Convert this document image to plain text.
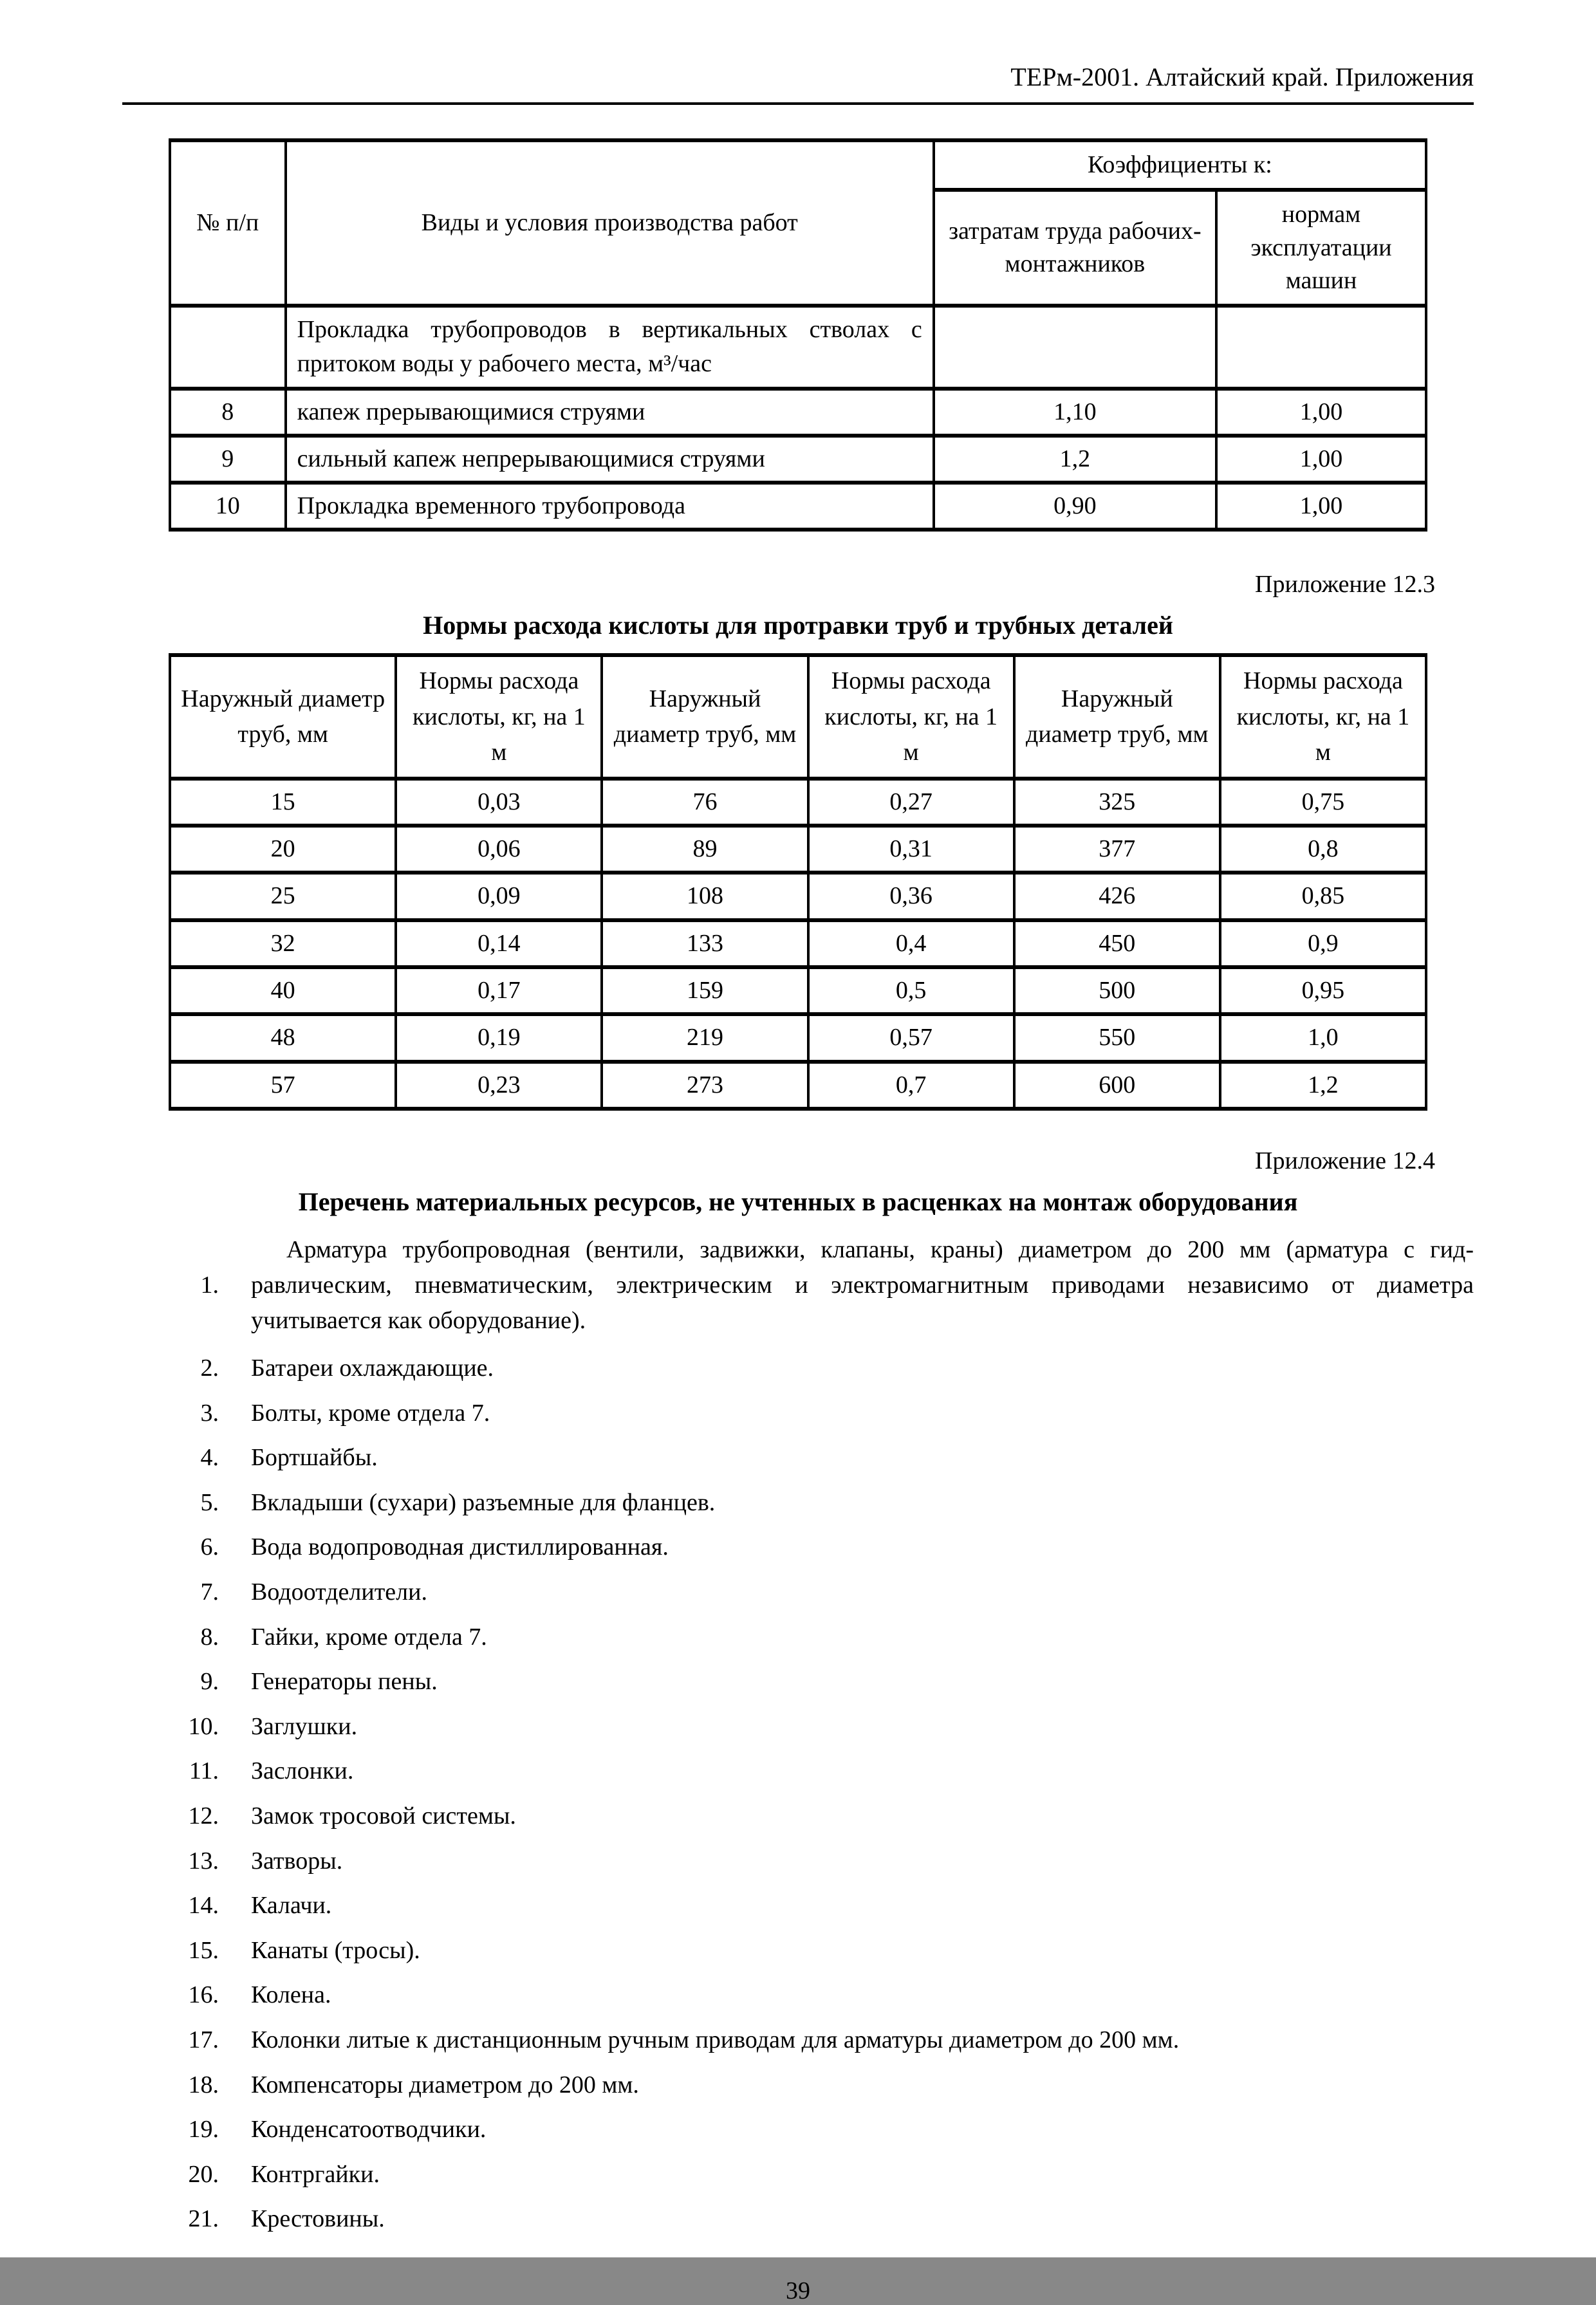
ТЕРм-2001. Алтайский край. Приложения
№ п/п	Виды и условия производства работ	Коэффициенты к:	
		затратам труда рабочих-монтажников	нормам эксплуатации машин
	Прокладка трубопроводов в вертикальных стволах с притоком воды у рабочего места, м³/час		
8	капеж прерывающимися струями	1,10	1,00
9	сильный капеж непрерывающимися струями	1,2	1,00
10	Прокладка временного трубопровода	0,90	1,00
Приложение 12.3
Нормы расхода кислоты для протравки труб и трубных деталей
Наружный диаметр труб, мм	Нормы расхода кислоты, кг, на 1 м	Наружный диаметр труб, мм	Нормы расхода кислоты, кг, на 1 м	Наружный диаметр труб, мм	Нормы расхода кислоты, кг, на 1 м
15	0,03	76	0,27	325	0,75
20	0,06	89	0,31	377	0,8
25	0,09	108	0,36	426	0,85
32	0,14	133	0,4	450	0,9
40	0,17	159	0,5	500	0,95
48	0,19	219	0,57	550	1,0
57	0,23	273	0,7	600	1,2
Приложение 12.4
Перечень материальных ресурсов, не учтенных в расценках на монтаж оборудования
1.
Арматура трубопроводная (вентили, задвижки, клапаны, краны) диаметром до 200 мм (арматура с гидравлическим, пневматическим, электрическим и электромагнитным приводами независимо от диаметра учитывается как оборудование).
2. Батареи охлаждающие.
3. Болты, кроме отдела 7.
4. Бортшайбы.
5. Вкладыши (сухари) разъемные для фланцев.
6. Вода водопроводная дистиллированная.
7. Водоотделители.
8. Гайки, кроме отдела 7.
9. Генераторы пены.
10. Заглушки.
11. Заслонки.
12. Замок тросовой системы.
13. Затворы.
14. Калачи.
15. Канаты (тросы).
16. Колена.
17. Колонки литые к дистанционным ручным приводам для арматуры диаметром до 200 мм.
18. Компенсаторы диаметром до 200 мм.
19. Конденсатоотводчики.
20. Контргайки.
21. Крестовины.
39
